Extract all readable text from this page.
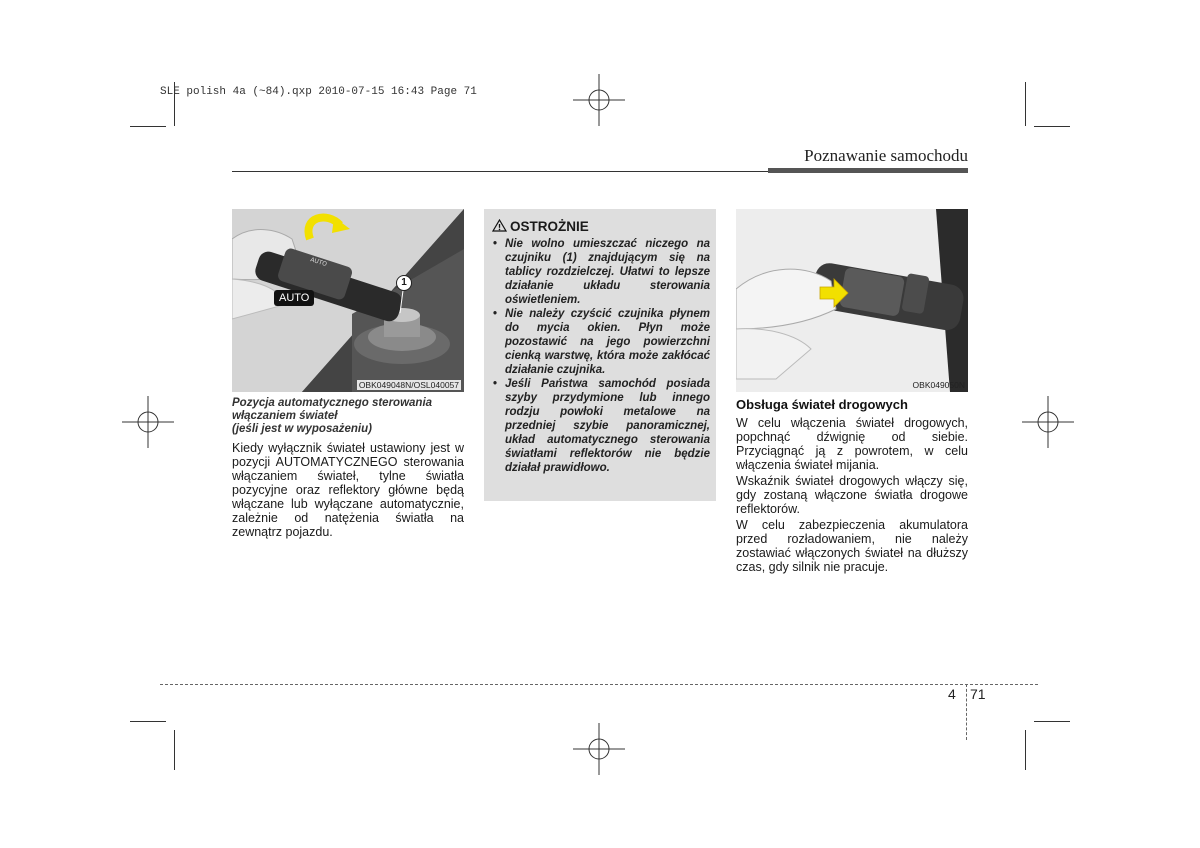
SLE polish 4a (~84).qxp 2010-07-15 16:43 Page 71
Poznawanie samochodu
AUTO
AUTO
1
OBK049048N/OSL040057
Pozycja automatycznego sterowania
włączaniem świateł
(jeśli jest w wyposażeniu)
Kiedy wyłącznik świateł ustawiony jest w pozycji AUTOMATYCZNEGO sterowania włączaniem świateł, tylne światła pozycyjne oraz reflektory główne będą włączane lub wyłączane automatycznie, zależnie od natężenia światła na zewnątrz pojazdu.
OSTROŻNIE
• Nie wolno umieszczać niczego na czujniku (1) znajdującym się na tablicy rozdzielczej. Ułatwi to lepsze działanie układu sterowania oświetleniem.
• Nie należy czyścić czujnika płynem do mycia okien. Płyn może pozostawić na jego powierzchni cienką warstwę, która może zakłócać działanie czujnika.
• Jeśli Państwa samochód posiada szyby przydymione lub innego rodzju powłoki metalowe na przedniej szybie panoramicznej, układ automatycznego sterowania światłami reflektorów nie będzie działał prawidłowo.
OBK049050N
Obsługa świateł drogowych
W celu włączenia świateł drogowych, popchnąć dźwignię od siebie. Przyciągnąć ją z powrotem, w celu włączenia świateł mijania.
Wskaźnik świateł drogowych włączy się, gdy zostaną włączone światła drogowe reflektorów.
W celu zabezpieczenia akumulatora przed rozładowaniem, nie należy zostawiać włączonych świateł na dłuższy czas, gdy silnik nie pracuje.
4 71
